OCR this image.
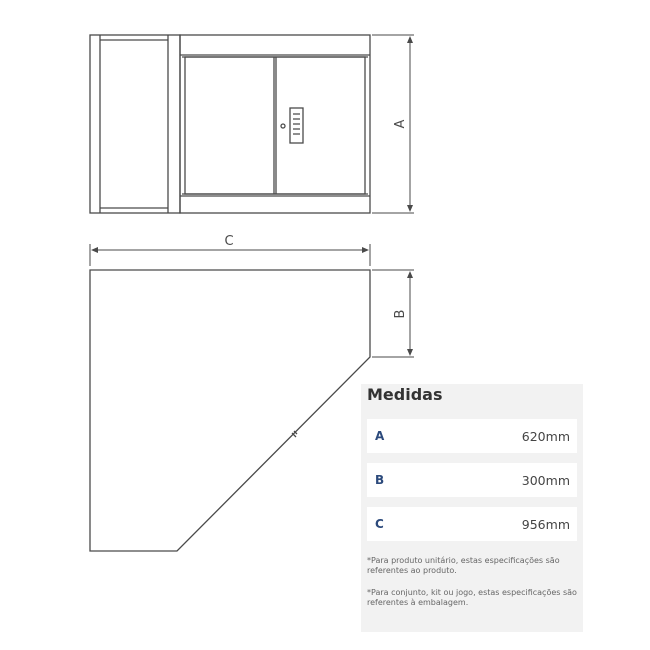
A
C
B
Medidas
A	620mm
B	300mm
C	956mm

*Para produto unitário, estas especificações são referentes ao produto.

*Para conjunto, kit ou jogo, estas especificações são referentes à embalagem.
